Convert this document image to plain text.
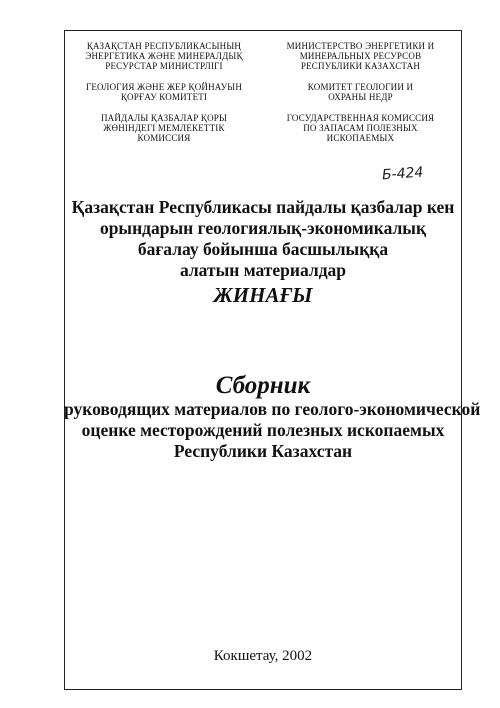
ҚАЗАҚСТАН РЕСПУБЛИКАСЫНЫҢ

ЭНЕРГЕТИКА ЖӘНЕ МИНЕРАЛДЫҚ

РЕСУРСТАР МИНИСТРЛІГІ

ГЕОЛОГИЯ ЖӘНЕ ЖЕР ҚОЙНАУЫН

ҚОРҒАУ КОМИТЕТІ

ПАЙДАЛЫ ҚАЗБАЛАР ҚОРЫ

ЖӨНІНДЕГІ МЕМЛЕКЕТТІК

КОМИССИЯ

МИНИСТЕРСТВО ЭНЕРГЕТИКИ И

МИНЕРАЛЬНЫХ РЕСУРСОВ

РЕСПУБЛИКИ КАЗАХСТАН

КОМИТЕТ ГЕОЛОГИИ И

ОХРАНЫ НЕДР

ГОСУДАРСТВЕННАЯ КОМИССИЯ

ПО ЗАПАСАМ ПОЛЕЗНЫХ

ИСКОПАЕМЫХ

Б-424

Қазақстан Республикасы пайдалы қазбалар кен

орындарын геологиялық-экономикалық

бағалау бойынша басшылыққа

алатын материалдар

ЖИНАҒЫ
Сборник

руководящих материалов по геолого-экономической

оценке месторождений полезных ископаемых

Республики Казахстан

Кокшетау, 2002
